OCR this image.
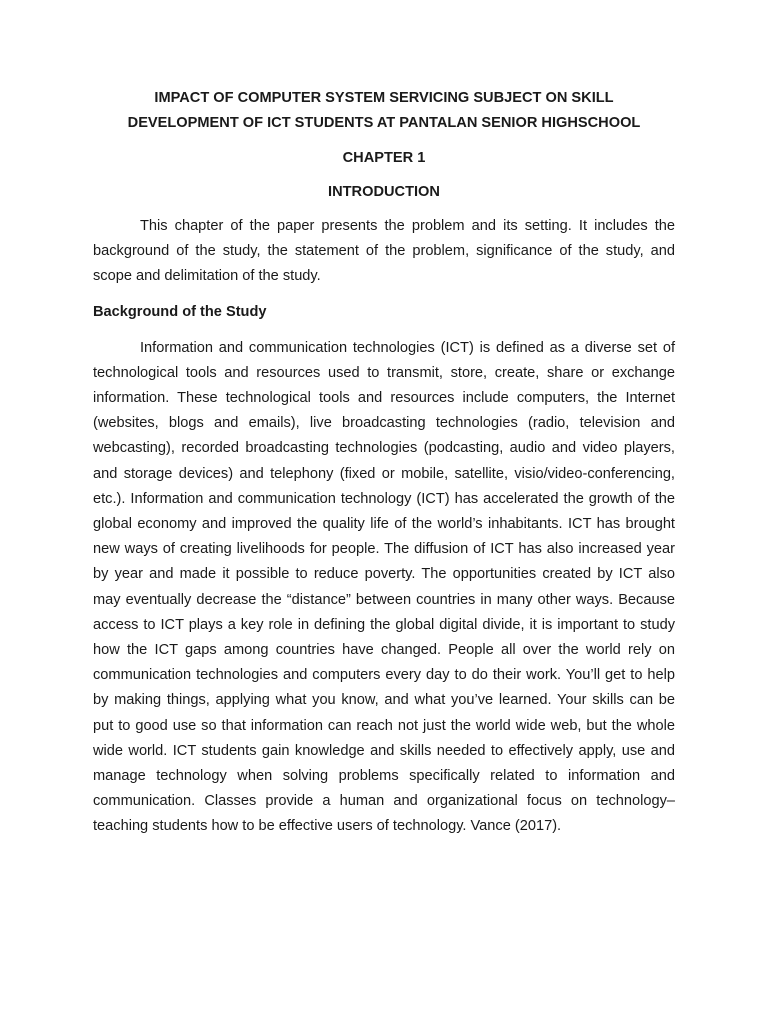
IMPACT OF COMPUTER SYSTEM SERVICING SUBJECT ON SKILL
DEVELOPMENT OF ICT STUDENTS AT PANTALAN SENIOR HIGHSCHOOL
CHAPTER 1
INTRODUCTION

This chapter of the paper presents the problem and its setting. It includes the background of the study, the statement of the problem, significance of the study, and scope and delimitation of the study.

Background of the Study

Information and communication technologies (ICT) is defined as a diverse set of technological tools and resources used to transmit, store, create, share or exchange information. These technological tools and resources include computers, the Internet (websites, blogs and emails), live broadcasting technologies (radio, television and webcasting), recorded broadcasting technologies (podcasting, audio and video players, and storage devices) and telephony (fixed or mobile, satellite, visio/video-conferencing, etc.). Information and communication technology (ICT) has accelerated the growth of the global economy and improved the quality life of the world’s inhabitants. ICT has brought new ways of creating livelihoods for people. The diffusion of ICT has also increased year by year and made it possible to reduce poverty. The opportunities created by ICT also may eventually decrease the “distance” between countries in many other ways. Because access to ICT plays a key role in defining the global digital divide, it is important to study how the ICT gaps among countries have changed. People all over the world rely on communication technologies and computers every day to do their work. You’ll get to help by making things, applying what you know, and what you’ve learned. Your skills can be put to good use so that information can reach not just the world wide web, but the whole wide world. ICT students gain knowledge and skills needed to effectively apply, use and manage technology when solving problems specifically related to information and communication. Classes provide a human and organizational focus on technology–teaching students how to be effective users of technology. Vance (2017).
